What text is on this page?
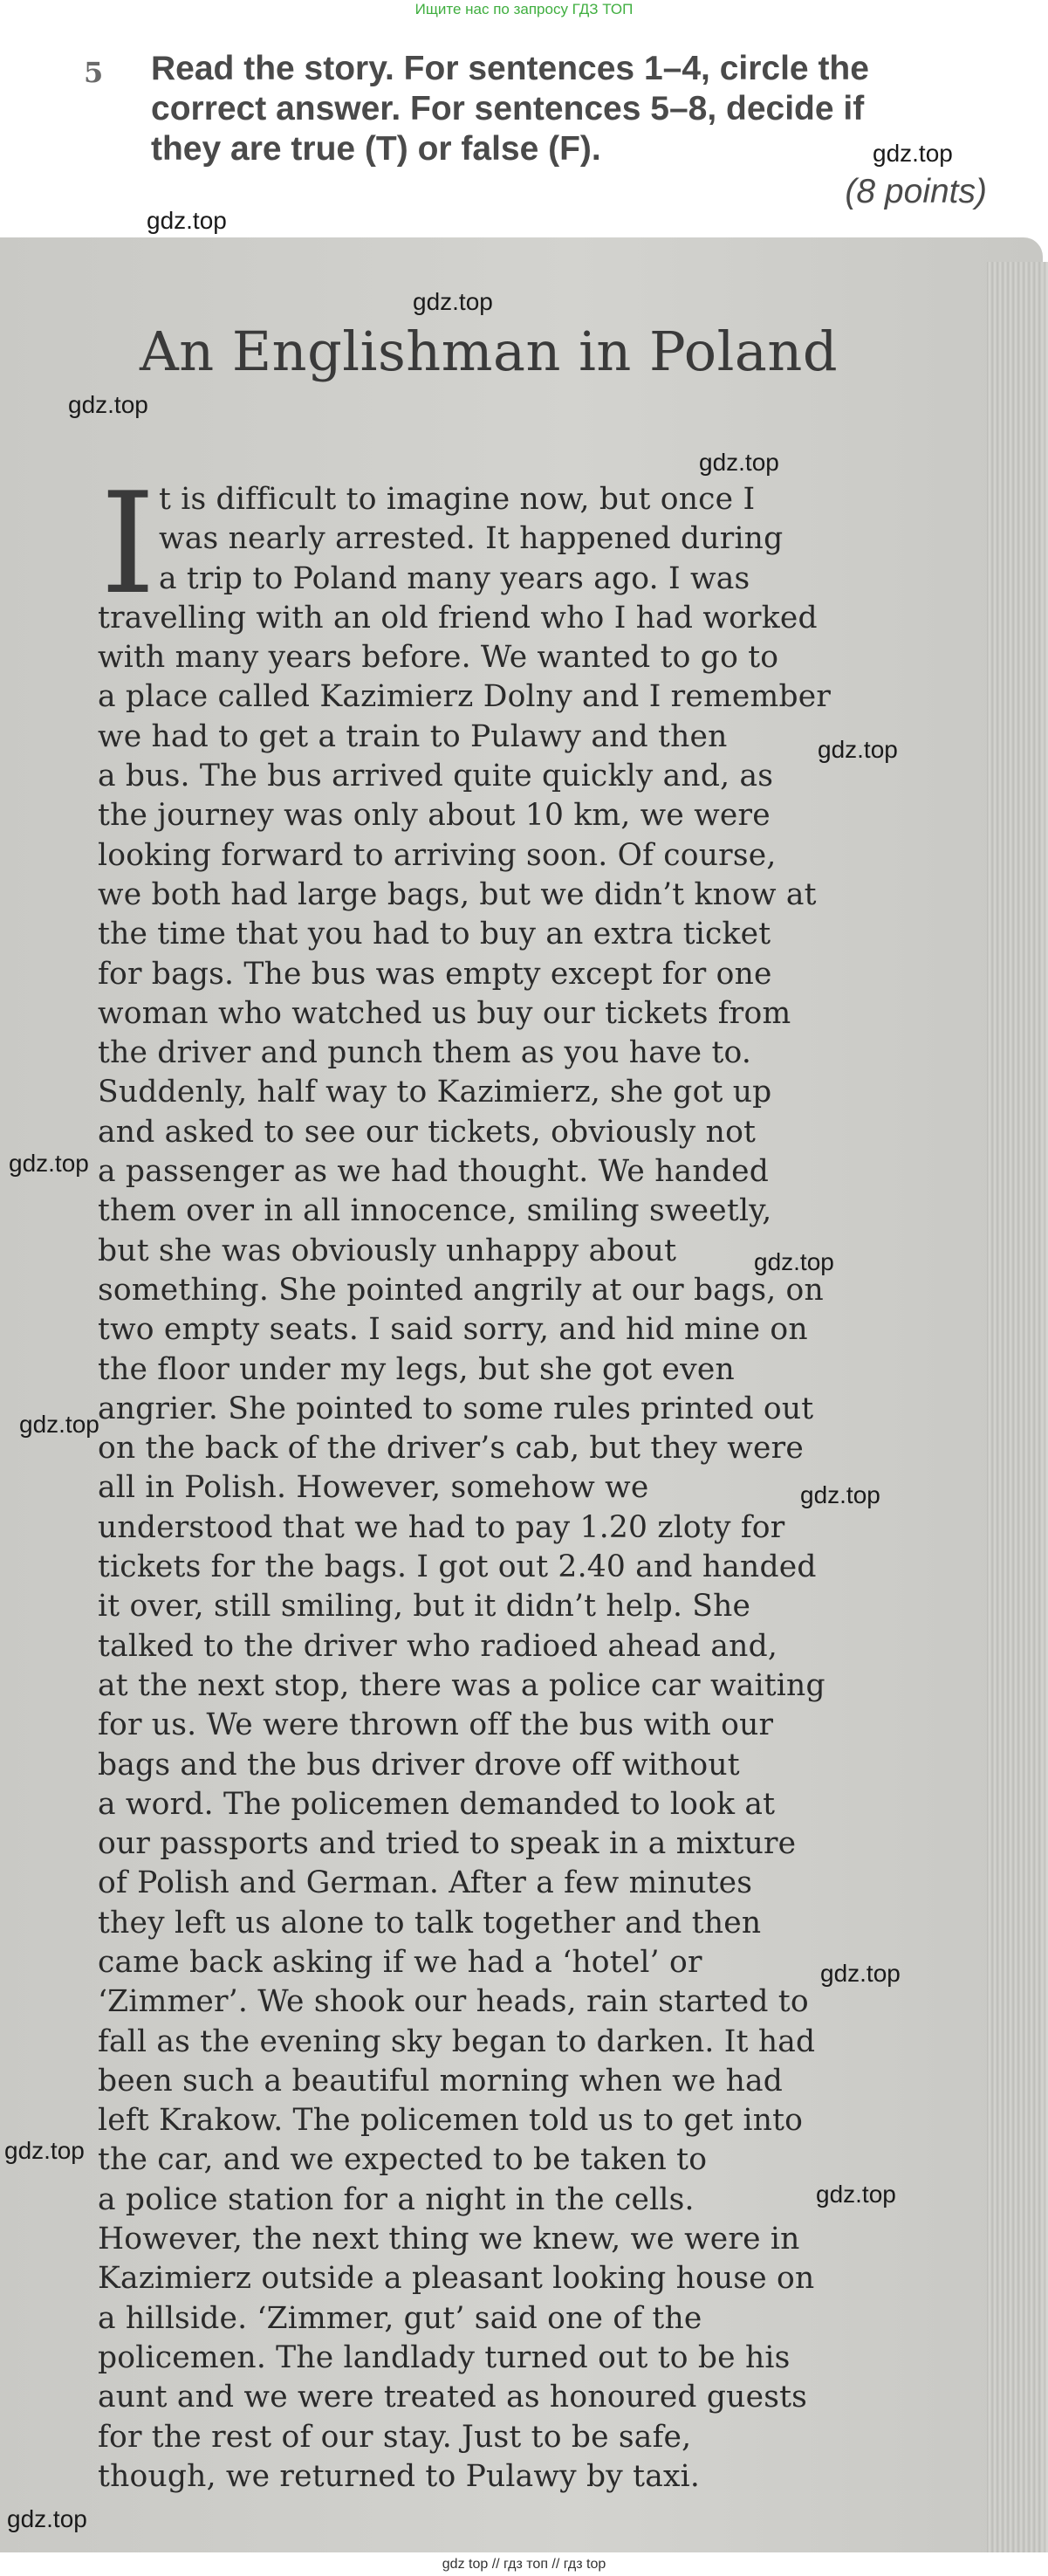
Ищите нас по запросу ГДЗ ТОП
5 Read the story. For sentences 1–4, circle the
correct answer. For sentences 5–8, decide if
they are true (T) or false (F).
(8 points)
An Englishman in Poland
I t is difficult to imagine now, but once I
was nearly arrested. It happened during
a trip to Poland many years ago. I was
travelling with an old friend who I had worked
with many years before. We wanted to go to
a place called Kazimierz Dolny and I remember
we had to get a train to Pulawy and then
a bus. The bus arrived quite quickly and, as
the journey was only about 10 km, we were
looking forward to arriving soon. Of course,
we both had large bags, but we didn’t know at
the time that you had to buy an extra ticket
for bags. The bus was empty except for one
woman who watched us buy our tickets from
the driver and punch them as you have to.
Suddenly, half way to Kazimierz, she got up
and asked to see our tickets, obviously not
a passenger as we had thought. We handed
them over in all innocence, smiling sweetly,
but she was obviously unhappy about
something. She pointed angrily at our bags, on
two empty seats. I said sorry, and hid mine on
the floor under my legs, but she got even
angrier. She pointed to some rules printed out
on the back of the driver’s cab, but they were
all in Polish. However, somehow we
understood that we had to pay 1.20 zloty for
tickets for the bags. I got out 2.40 and handed
it over, still smiling, but it didn’t help. She
talked to the driver who radioed ahead and,
at the next stop, there was a police car waiting
for us. We were thrown off the bus with our
bags and the bus driver drove off without
a word. The policemen demanded to look at
our passports and tried to speak in a mixture
of Polish and German. After a few minutes
they left us alone to talk together and then
came back asking if we had a ‘hotel’ or
‘Zimmer’. We shook our heads, rain started to
fall as the evening sky began to darken. It had
been such a beautiful morning when we had
left Krakow. The policemen told us to get into
the car, and we expected to be taken to
a police station for a night in the cells.
However, the next thing we knew, we were in
Kazimierz outside a pleasant looking house on
a hillside. ‘Zimmer, gut’ said one of the
policemen. The landlady turned out to be his
aunt and we were treated as honoured guests
for the rest of our stay. Just to be safe,
though, we returned to Pulawy by taxi.
gdz.top
gdz.top
gdz.top
gdz.top
gdz.top
gdz.top
gdz.top
gdz.top
gdz.top
gdz.top
gdz.top
gdz.top
gdz.top
gdz.top
gdz top // гдз топ // гдз top
